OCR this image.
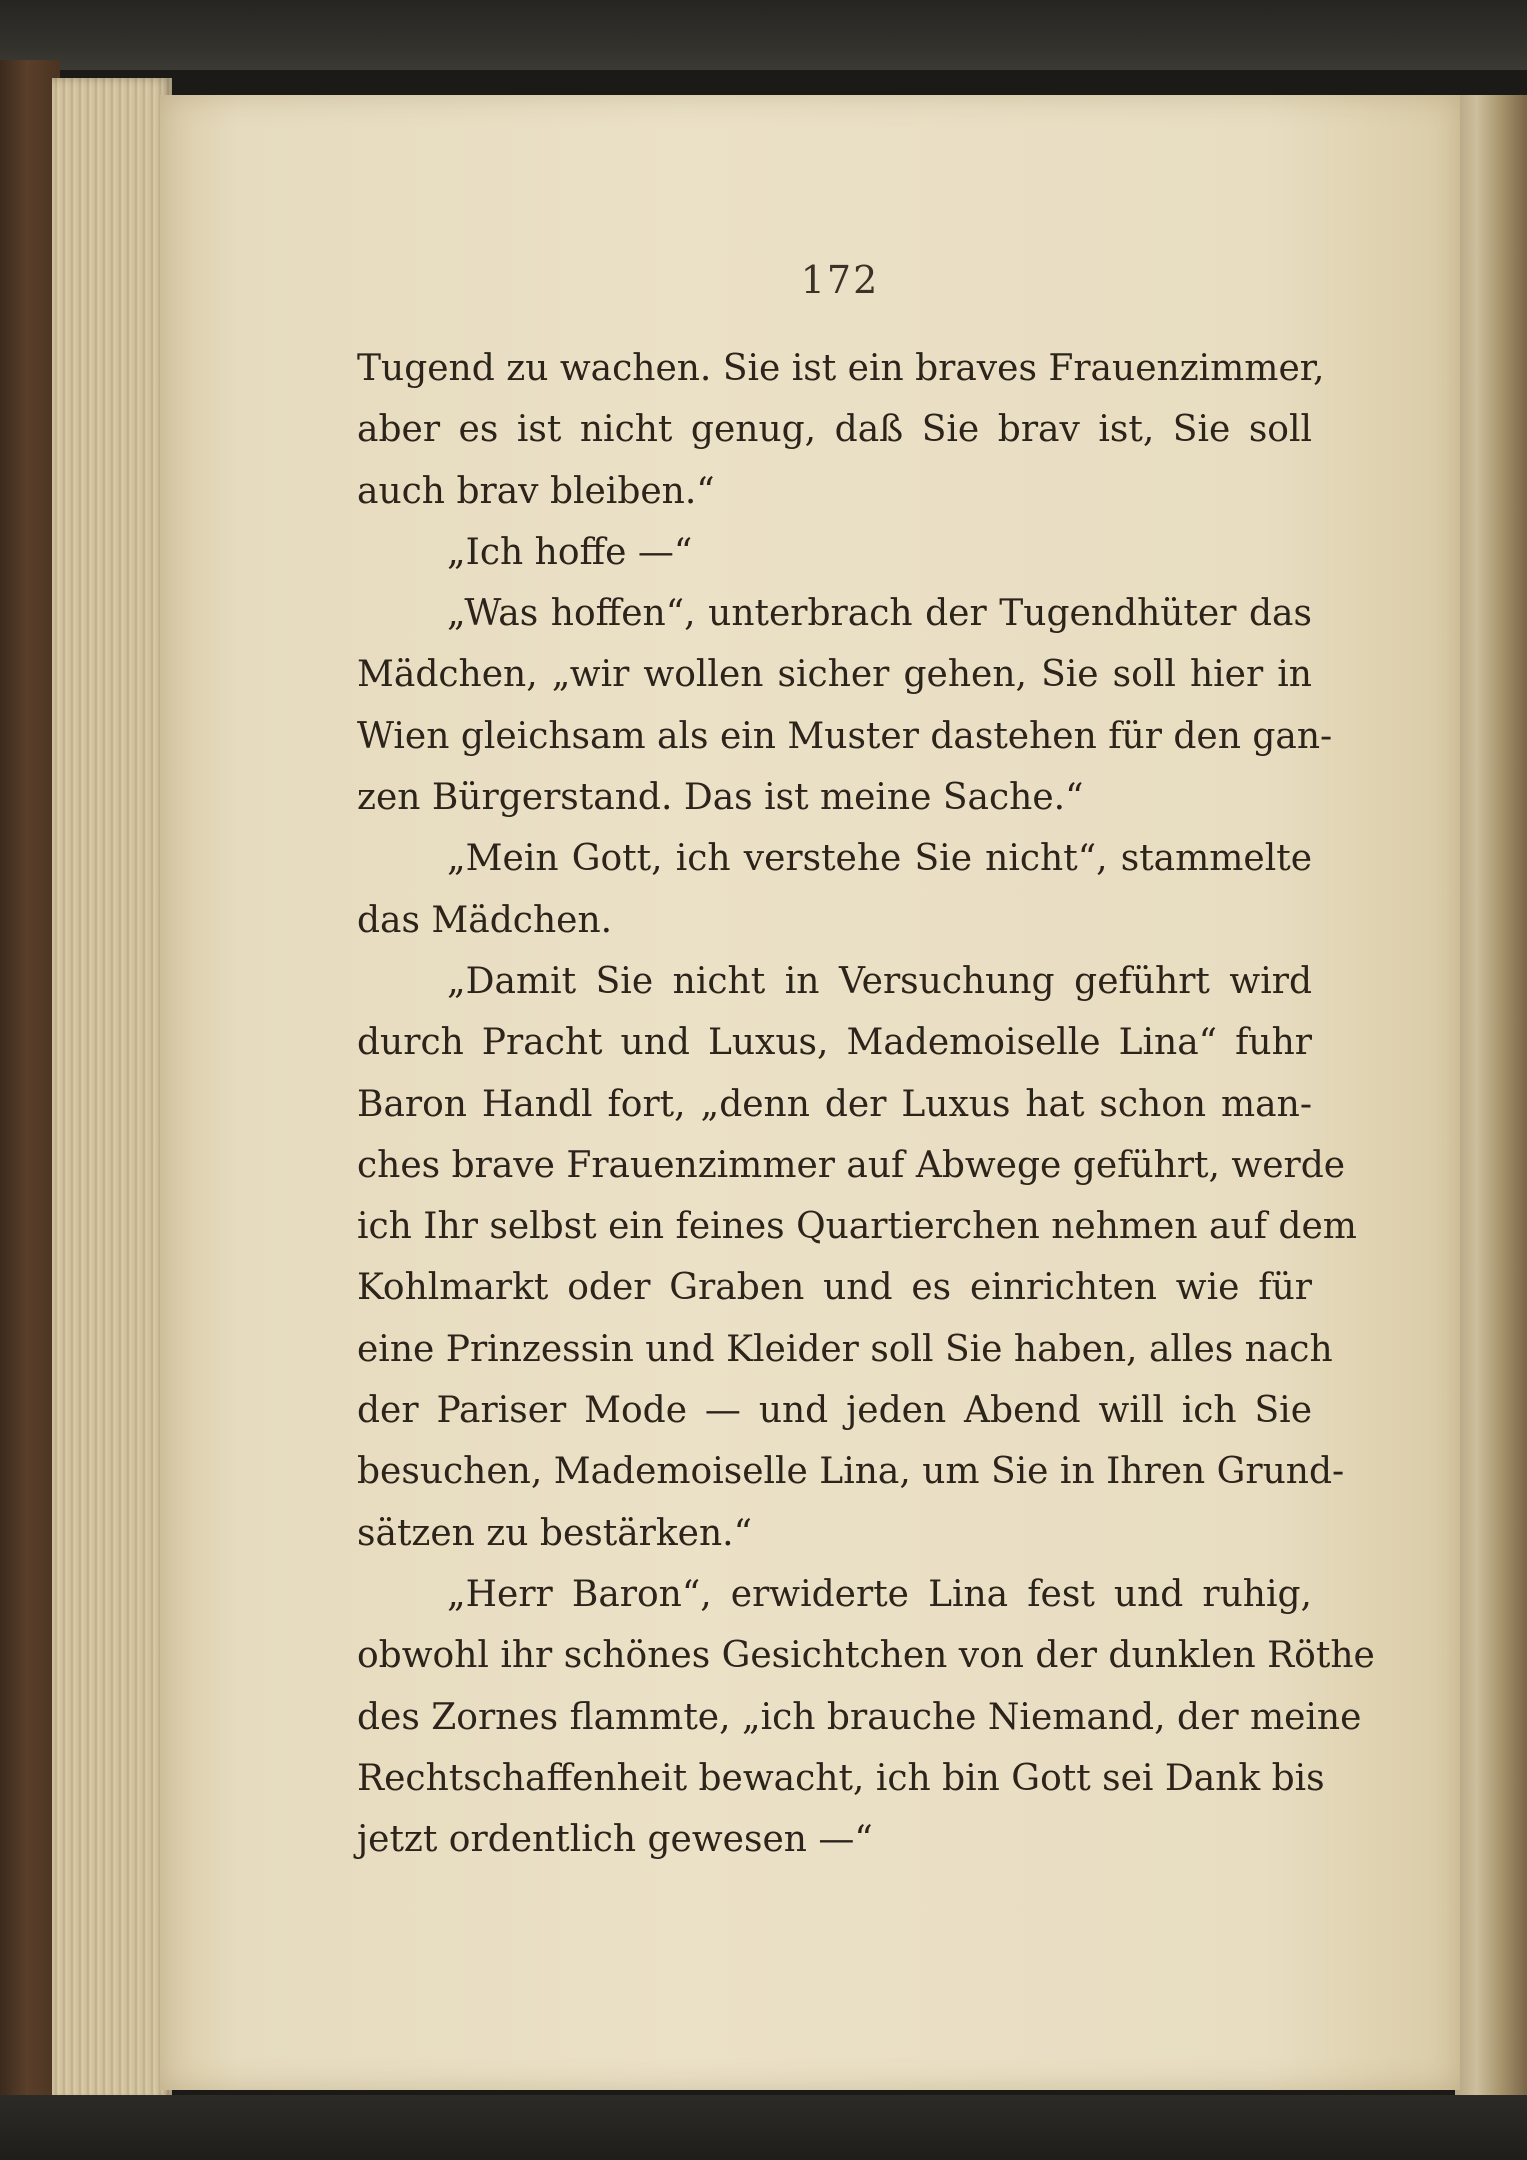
172
Tugend zu wachen. Sie ist ein braves Frauenzimmer,
aber es ist nicht genug, daß Sie brav ist, Sie soll
auch brav bleiben.“
„Ich hoffe —“
„Was hoffen“, unterbrach der Tugendhüter das
Mädchen, „wir wollen sicher gehen, Sie soll hier in
Wien gleichsam als ein Muster dastehen für den gan-
zen Bürgerstand. Das ist meine Sache.“
„Mein Gott, ich verstehe Sie nicht“, stammelte
das Mädchen.
„Damit Sie nicht in Versuchung geführt wird
durch Pracht und Luxus, Mademoiselle Lina“ fuhr
Baron Handl fort, „denn der Luxus hat schon man-
ches brave Frauenzimmer auf Abwege geführt, werde
ich Ihr selbst ein feines Quartierchen nehmen auf dem
Kohlmarkt oder Graben und es einrichten wie für
eine Prinzessin und Kleider soll Sie haben, alles nach
der Pariser Mode — und jeden Abend will ich Sie
besuchen, Mademoiselle Lina, um Sie in Ihren Grund-
sätzen zu bestärken.“
„Herr Baron“, erwiderte Lina fest und ruhig,
obwohl ihr schönes Gesichtchen von der dunklen Röthe
des Zornes flammte, „ich brauche Niemand, der meine
Rechtschaffenheit bewacht, ich bin Gott sei Dank bis
jetzt ordentlich gewesen —“
